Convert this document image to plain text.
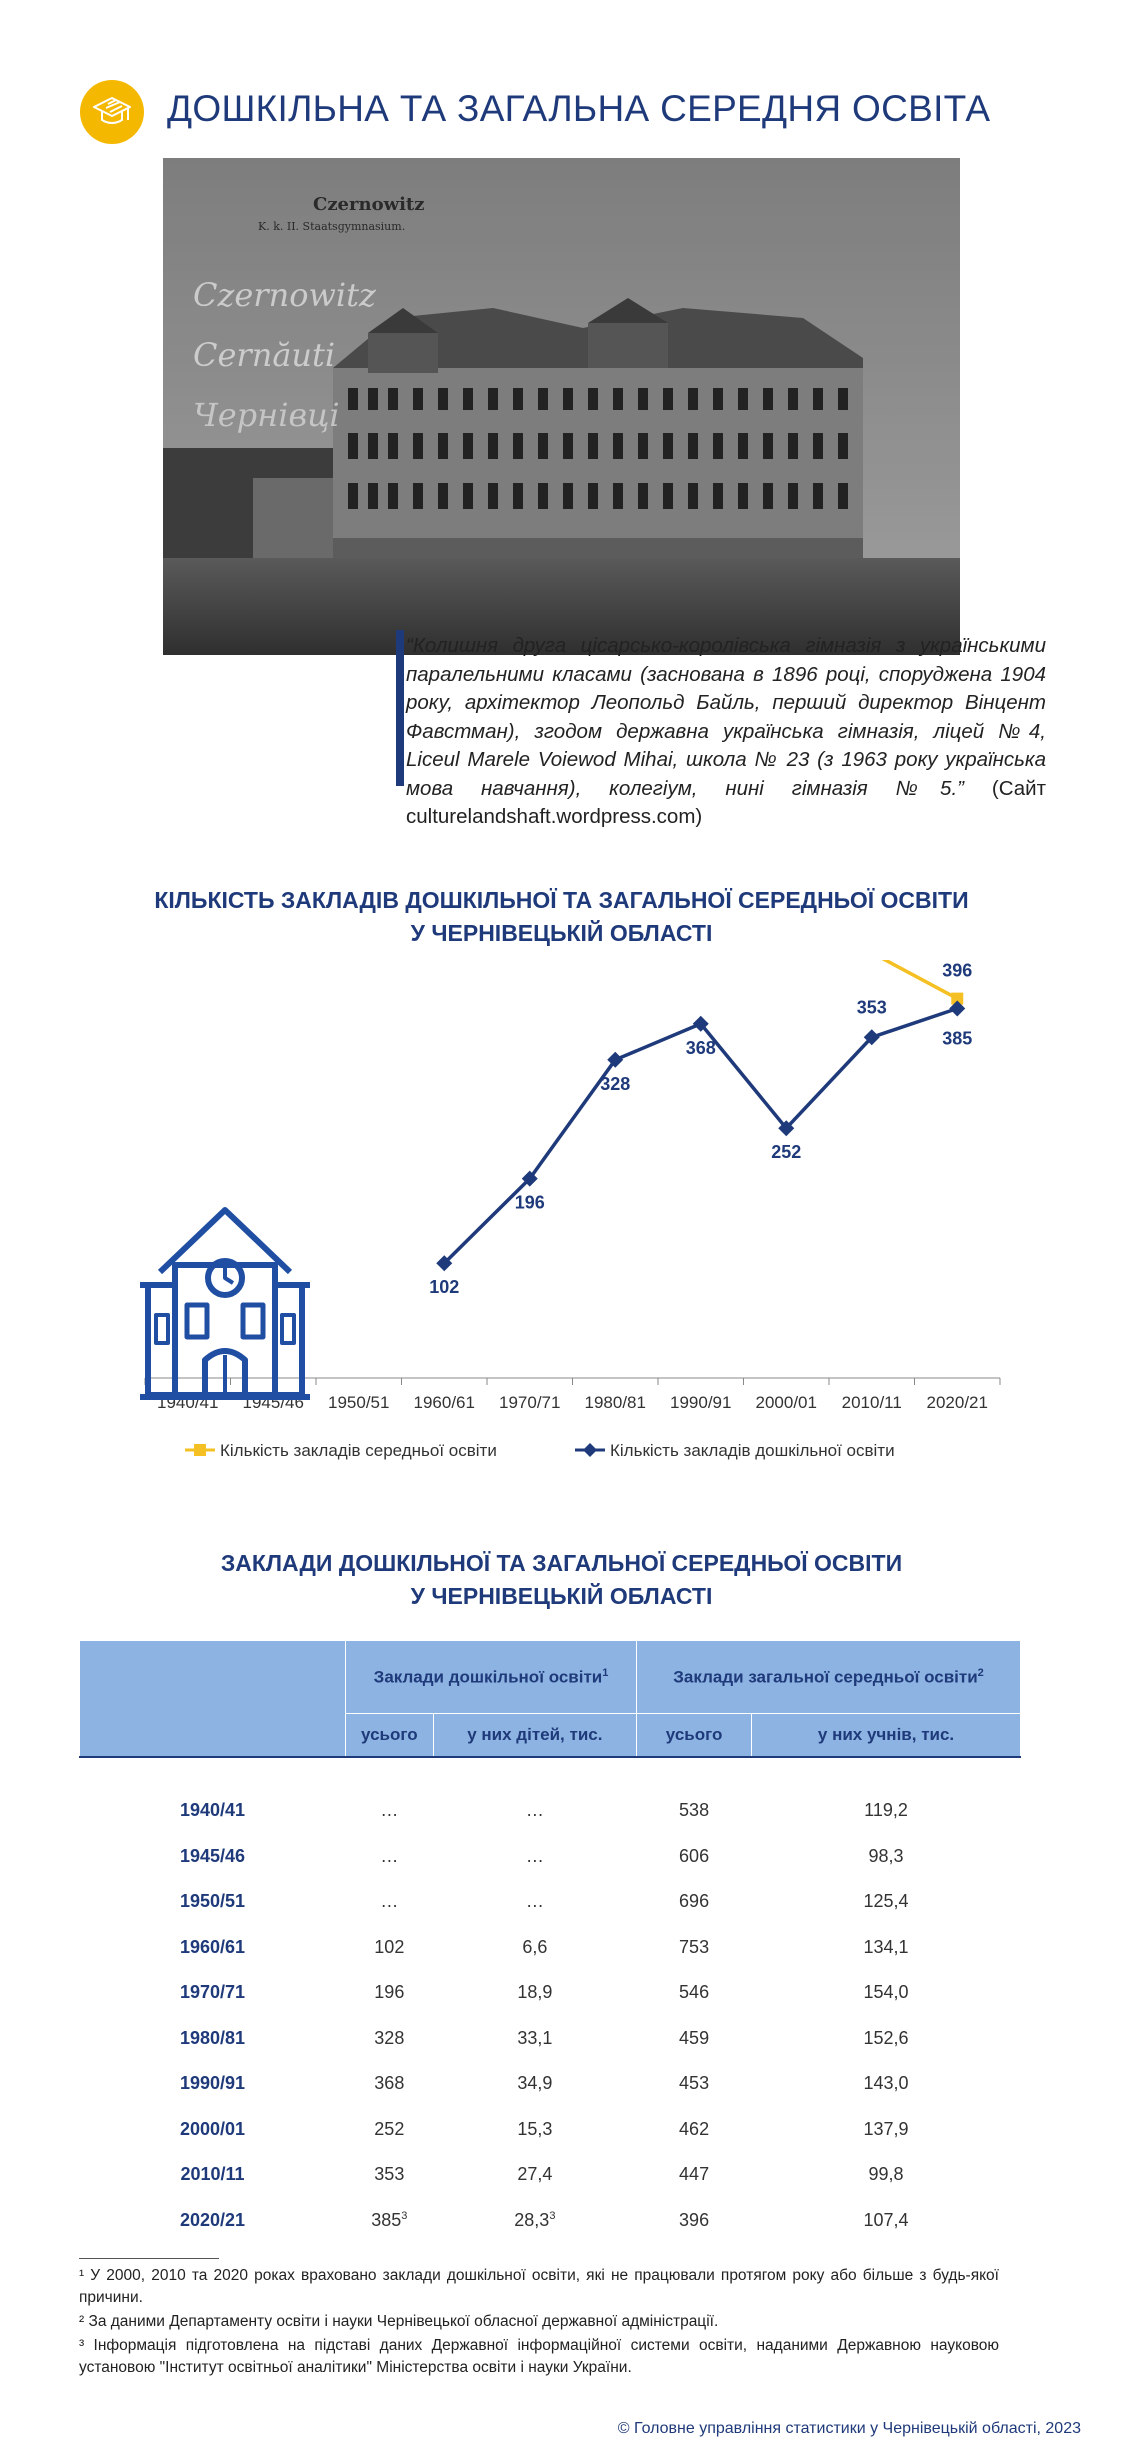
ДОШКІЛЬНА ТА ЗАГАЛЬНА СЕРЕДНЯ ОСВІТА
Czernowitz
K. k. II. Staatsgymnasium.
Czernowitz
Cernăuti
Чернівці
“Колишня друга цісарсько-королівська гімназія з українськими паралельними класами (заснована в 1896 році, споруджена 1904 року, архітектор Леопольд Байль, перший директор Вінцент Фавстман), згодом державна українська гімназія, ліцей №4, Liceul Marele Voiewod Mihai, школа № 23 (з 1963 року українська мова навчання), колегіум, нині гімназія №5.” (Сайт culturelandshaft.wordpress.com)
КІЛЬКІСТЬ ЗАКЛАДІВ ДОШКІЛЬНОЇ ТА ЗАГАЛЬНОЇ СЕРЕДНЬОЇ ОСВІТИ
У ЧЕРНІВЕЦЬКІЙ ОБЛАСТІ
1940/41 1945/46 1950/51 1960/61 1970/71 1980/81 1990/91 2000/01 2010/11 2020/21
396
102
196
328
368
252
353
385
Кількість закладів середньої освіти	Кількість закладів дошкільної освіти
ЗАКЛАДИ ДОШКІЛЬНОЇ ТА ЗАГАЛЬНОЇ СЕРЕДНЬОЇ ОСВІТИ
У ЧЕРНІВЕЦЬКІЙ ОБЛАСТІ
	Заклади дошкільної освіти$^1$		Заклади загальної середньої освіти$^2$
	усього	у них дітей, тис.	усього	у них учнів, тис.

1940/41	…	…	538	119,2
1945/46	…	…	606	98,3
1950/51	…	…	696	125,4
1960/61	102	6,6	753	134,1
1970/71	196	18,9	546	154,0
1980/81	328	33,1	459	152,6
1990/91	368	34,9	453	143,0
2000/01	252	15,3	462	137,9
2010/11	353	27,4	447	99,8
2020/21	$385^3$	28,3$^3$	396	107,4
¹ У 2000, 2010 та 2020 роках враховано заклади дошкільної освіти, які не працювали протягом року або більше з будь-якої причини.
² За даними Департаменту освіти і науки Чернівецької обласної державної адміністрації.
³ Інформація підготовлена на підставі даних Державної інформаційної системи освіти, наданими Державною науковою установою "Інститут освітньої аналітики" Міністерства освіти і науки України.
© Головне управління статистики у Чернівецькій області, 2023
